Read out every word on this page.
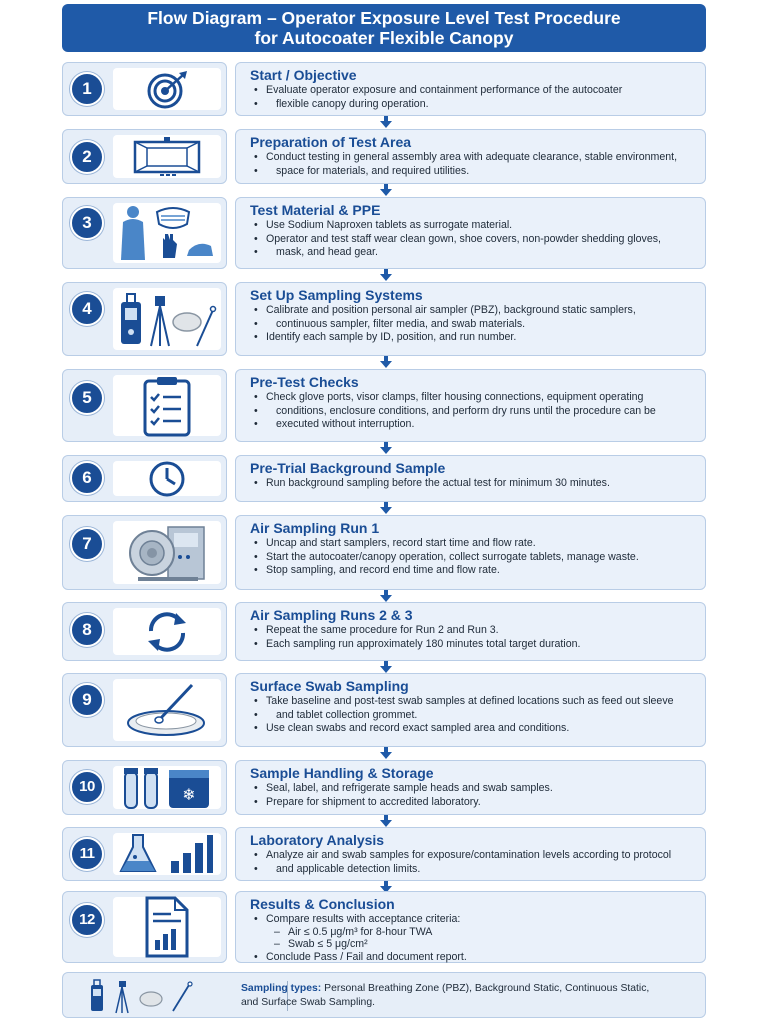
Flow Diagram – Operator Exposure Level Test Procedure
for Autocoater Flexible Canopy
1
Start / Objective
• Evaluate operator exposure and containment performance of the autocoater
• flexible canopy during operation.
2
Preparation of Test Area
• Conduct testing in general assembly area with adequate clearance, stable environment,
• space for materials, and required utilities.
3
Test Material & PPE
• Use Sodium Naproxen tablets as surrogate material.
• Operator and test staff wear clean gown, shoe covers, non-powder shedding gloves,
• mask, and head gear.
4
Set Up Sampling Systems
• Calibrate and position personal air sampler (PBZ), background static samplers,
• continuous sampler, filter media, and swab materials.
• Identify each sample by ID, position, and run number.
5
Pre-Test Checks
• Check glove ports, visor clamps, filter housing connections, equipment operating
• conditions, enclosure conditions, and perform dry runs until the procedure can be
• executed without interruption.
6	Pre-Trial Background Sample
• Run background sampling before the actual test for minimum 30 minutes.
7
Air Sampling Run 1
• Uncap and start samplers, record start time and flow rate.
• Start the autocoater/canopy operation, collect surrogate tablets, manage waste.
• Stop sampling, and record end time and flow rate.
8
Air Sampling Runs 2 & 3
• Repeat the same procedure for Run 2 and Run 3.
• Each sampling run approximately 180 minutes total target duration.
9
Surface Swab Sampling
• Take baseline and post-test swab samples at defined locations such as feed out sleeve
• and tablet collection grommet.
• Use clean swabs and record exact sampled area and conditions.
10	❄
Sample Handling & Storage
• Seal, label, and refrigerate sample heads and swab samples.
• Prepare for shipment to accredited laboratory.
11
Laboratory Analysis
• Analyze air and swab samples for exposure/contamination levels according to protocol
• and applicable detection limits.
12
Results & Conclusion
• Compare results with acceptance criteria:
– Air ≤ 0.5 μg/m³ for 8-hour TWA
– Swab ≤ 5 μg/cm²
• Conclude Pass / Fail and document report.
Sampling types: Personal Breathing Zone (PBZ), Background Static, Continuous Static,
and Surface Swab Sampling.
